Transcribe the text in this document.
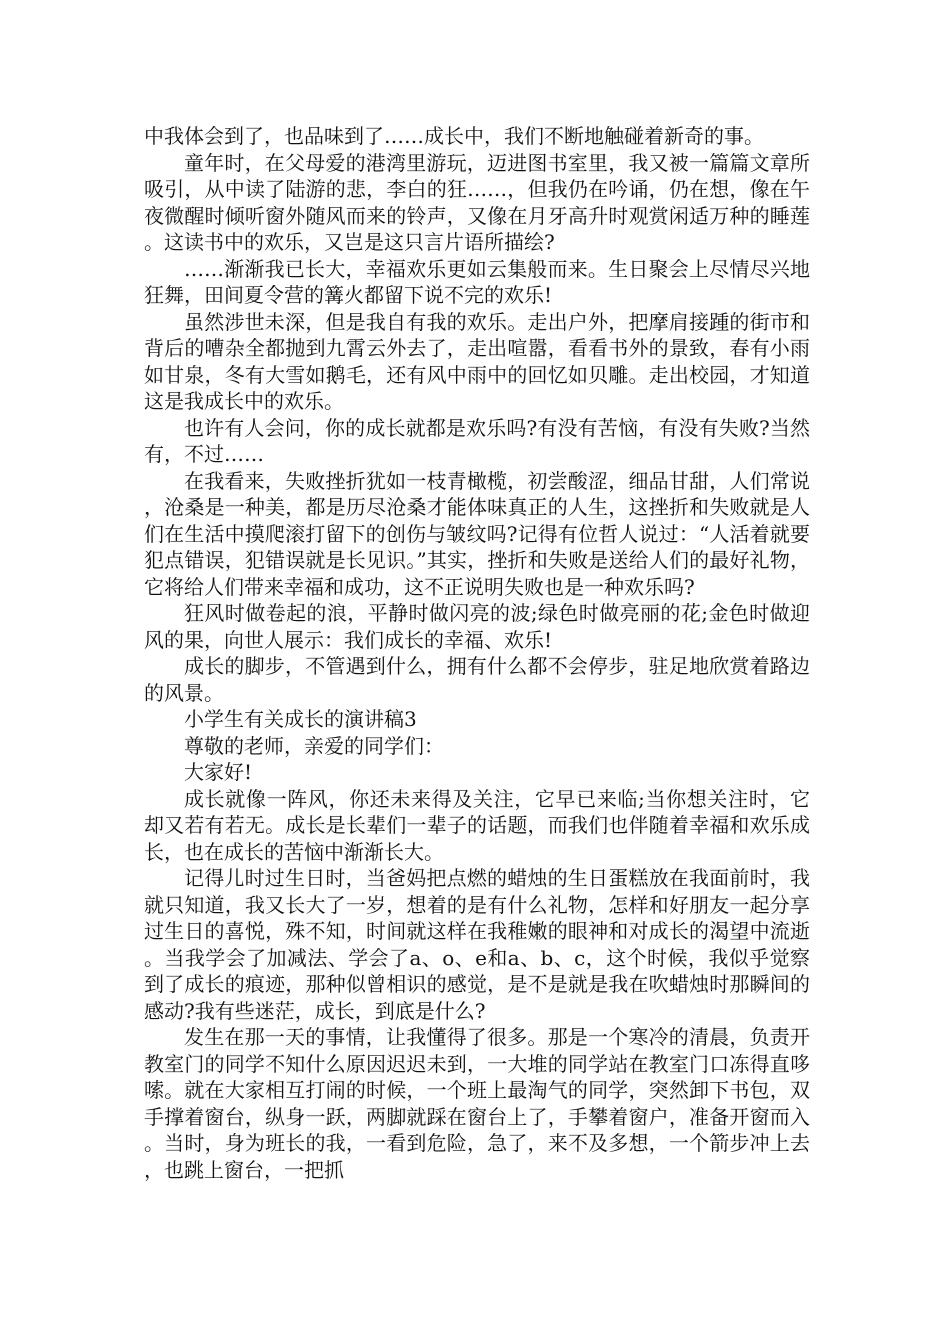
中我体会到了，也品味到了……成长中，我们不断地触碰着新奇的事。

童年时，在父母爱的港湾里游玩，迈进图书室里，我又被一篇篇文章所吸引，从中读了陆游的悲，李白的狂……，但我仍在吟诵，仍在想，像在午夜微醒时倾听窗外随风而来的铃声，又像在月牙高升时观赏闲适万种的睡莲。这读书中的欢乐，又岂是这只言片语所描绘?

……渐渐我已长大，幸福欢乐更如云集般而来。生日聚会上尽情尽兴地狂舞，田间夏令营的篝火都留下说不完的欢乐!

虽然涉世未深，但是我自有我的欢乐。走出户外，把摩肩接踵的街市和背后的嘈杂全都抛到九霄云外去了，走出喧嚣，看看书外的景致，春有小雨如甘泉，冬有大雪如鹅毛，还有风中雨中的回忆如贝雕。走出校园，才知道这是我成长中的欢乐。

也许有人会问，你的成长就都是欢乐吗?有没有苦恼，有没有失败?当然有，不过……

在我看来，失败挫折犹如一枝青橄榄，初尝酸涩，细品甘甜，人们常说，沧桑是一种美，都是历尽沧桑才能体味真正的人生，这挫折和失败就是人们在生活中摸爬滚打留下的创伤与皱纹吗?记得有位哲人说过：“人活着就要犯点错误，犯错误就是长见识。”其实，挫折和失败是送给人们的最好礼物，它将给人们带来幸福和成功，这不正说明失败也是一种欢乐吗?

狂风时做卷起的浪，平静时做闪亮的波;绿色时做亮丽的花;金色时做迎风的果，向世人展示：我们成长的幸福、欢乐!

成长的脚步，不管遇到什么，拥有什么都不会停步，驻足地欣赏着路边的风景。

小学生有关成长的演讲稿3

尊敬的老师，亲爱的同学们：

大家好!

成长就像一阵风，你还未来得及关注，它早已来临;当你想关注时，它却又若有若无。成长是长辈们一辈子的话题，而我们也伴随着幸福和欢乐成长，也在成长的苦恼中渐渐长大。

记得儿时过生日时，当爸妈把点燃的蜡烛的生日蛋糕放在我面前时，我就只知道，我又长大了一岁，想着的是有什么礼物，怎样和好朋友一起分享过生日的喜悦，殊不知，时间就这样在我稚嫩的眼神和对成长的渴望中流逝。当我学会了加减法、学会了a、o、e和a、b、c，这个时候，我似乎觉察到了成长的痕迹，那种似曾相识的感觉，是不是就是我在吹蜡烛时那瞬间的感动?我有些迷茫，成长，到底是什么?

发生在那一天的事情，让我懂得了很多。那是一个寒冷的清晨，负责开教室门的同学不知什么原因迟迟未到，一大堆的同学站在教室门口冻得直哆嗦。就在大家相互打闹的时候，一个班上最淘气的同学，突然卸下书包，双手撑着窗台，纵身一跃，两脚就踩在窗台上了，手攀着窗户，准备开窗而入。当时，身为班长的我，一看到危险，急了，来不及多想，一个箭步冲上去，也跳上窗台，一把抓
